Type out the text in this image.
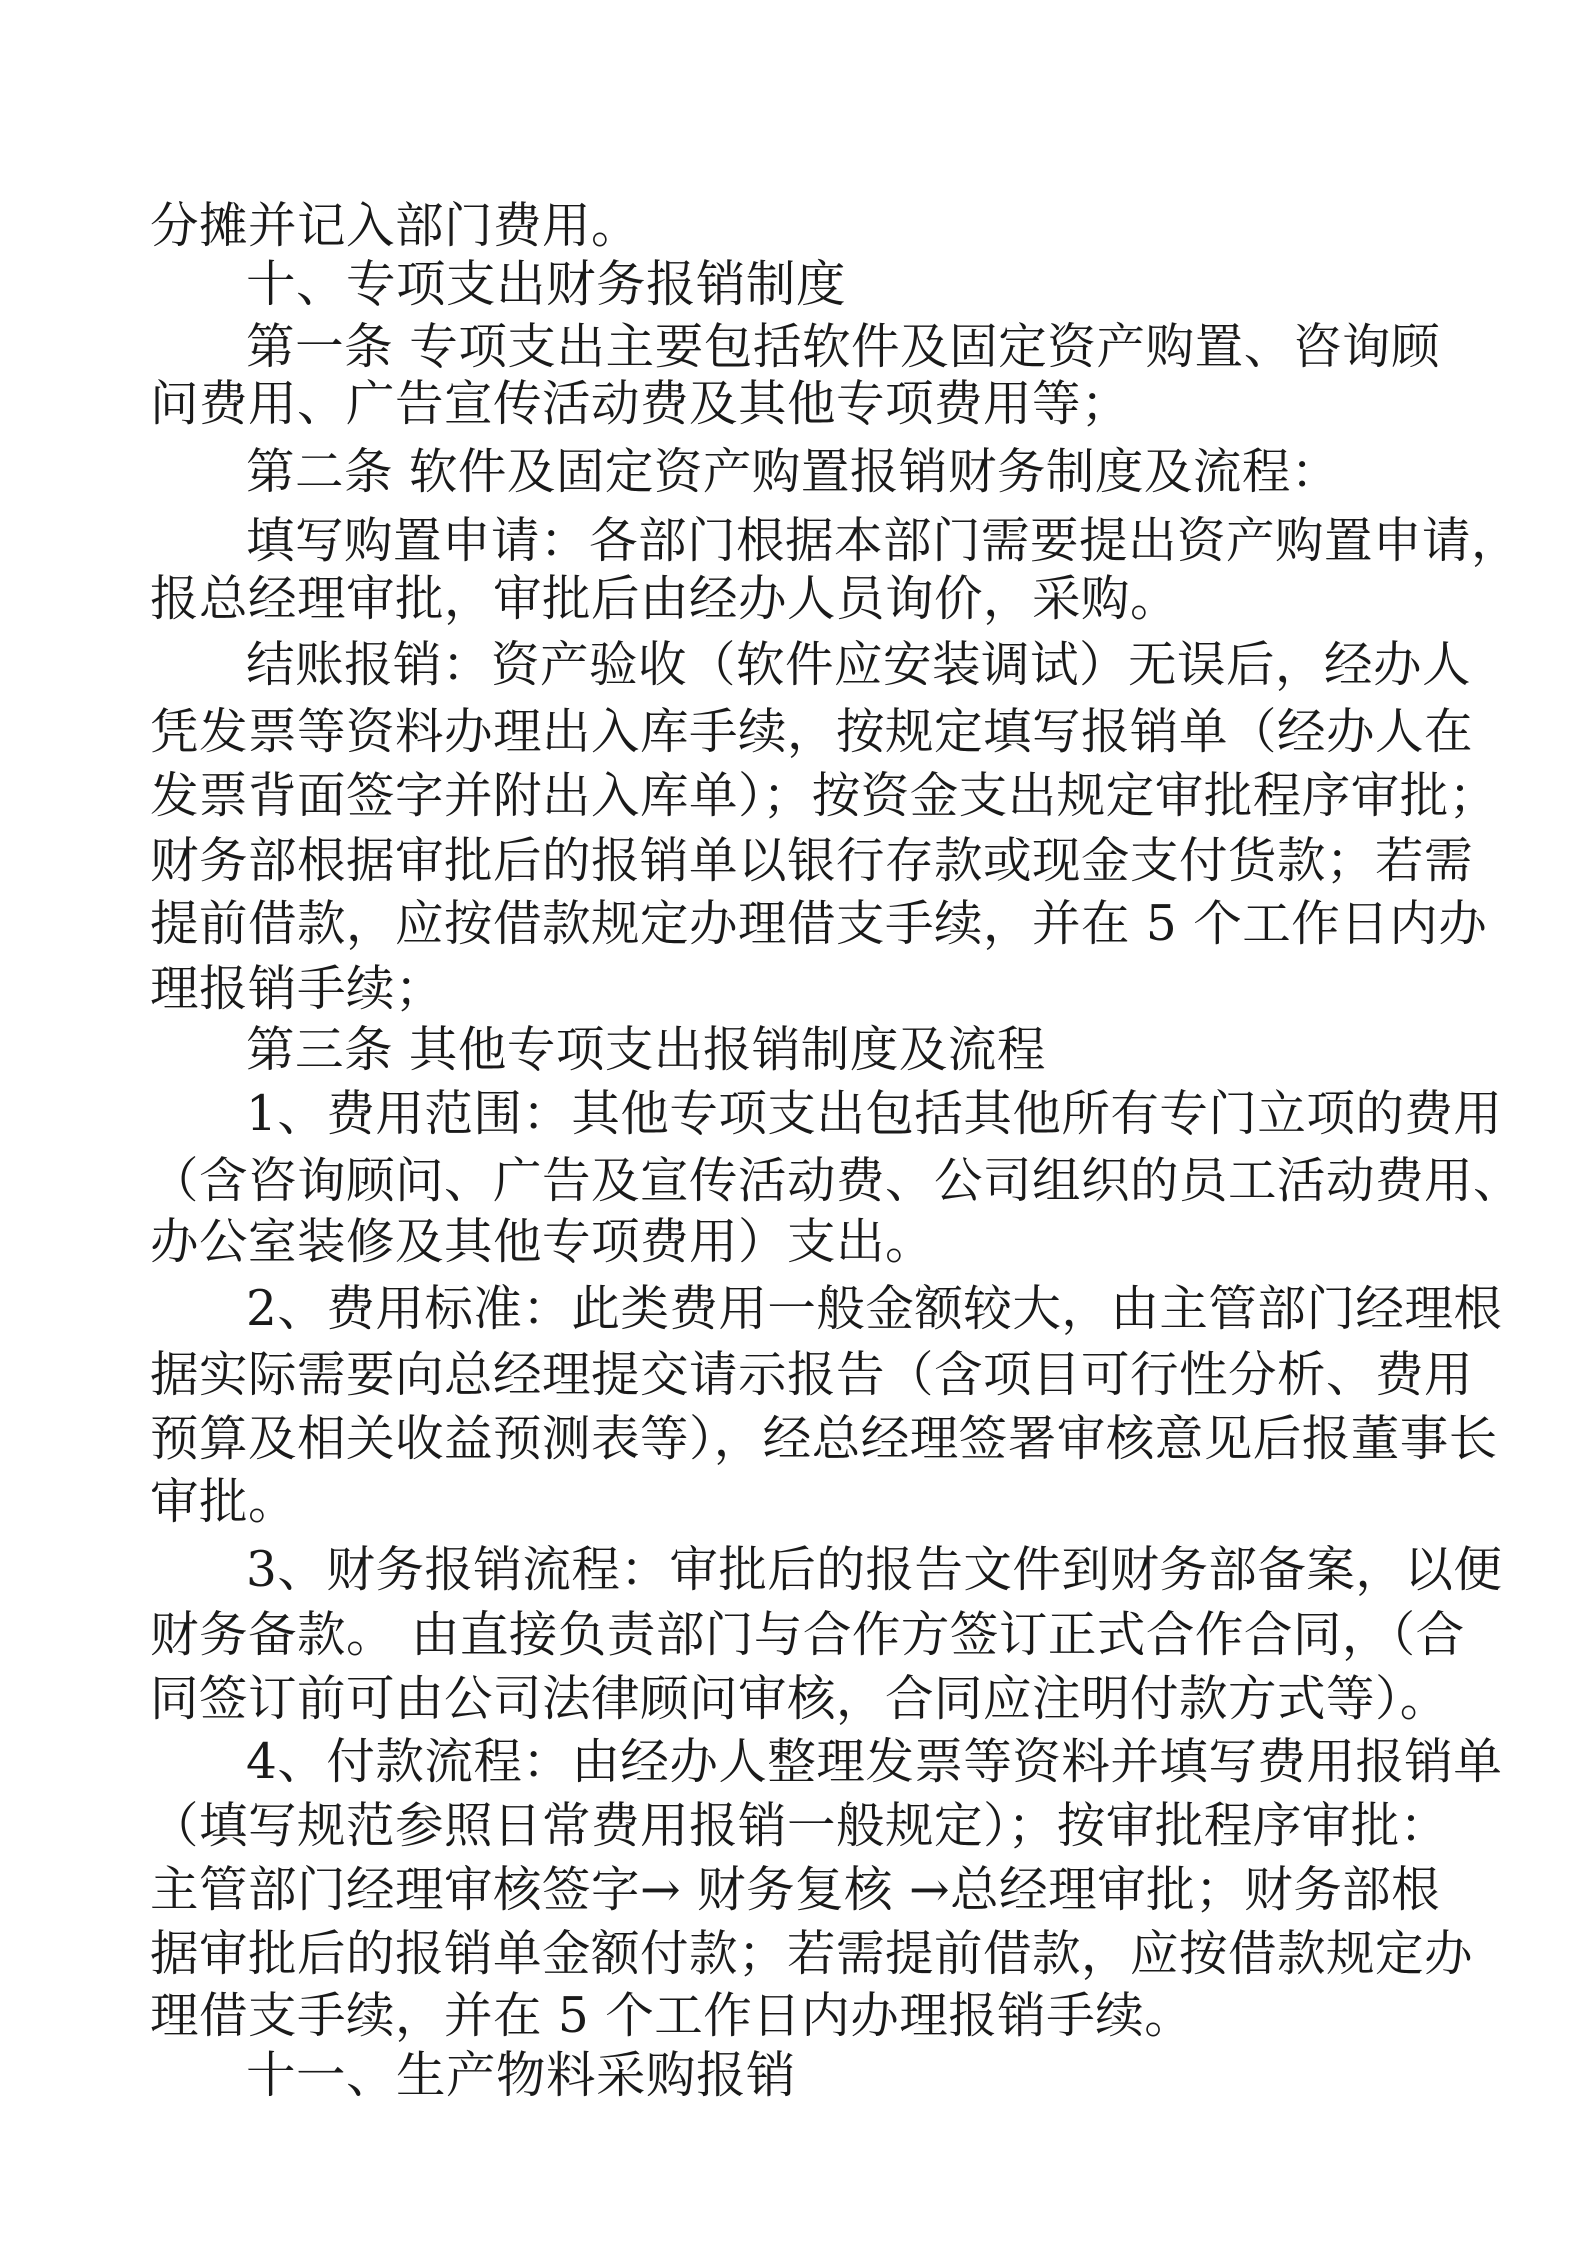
分摊并记入部门费用。
十、专项支出财务报销制度
第一条 专项支出主要包括软件及固定资产购置、咨询顾
问费用、广告宣传活动费及其他专项费用等；
第二条 软件及固定资产购置报销财务制度及流程：
填写购置申请：各部门根据本部门需要提出资产购置申请，
报总经理审批，审批后由经办人员询价，采购。
结账报销：资产验收（软件应安装调试）无误后，经办人
凭发票等资料办理出入库手续，按规定填写报销单（经办人在
发票背面签字并附出入库单）；按资金支出规定审批程序审批；
财务部根据审批后的报销单以银行存款或现金支付货款；若需
提前借款，应按借款规定办理借支手续，并在 5 个工作日内办
理报销手续；
第三条 其他专项支出报销制度及流程
1、费用范围：其他专项支出包括其他所有专门立项的费用
（含咨询顾问、广告及宣传活动费、公司组织的员工活动费用、
办公室装修及其他专项费用）支出。
2、费用标准：此类费用一般金额较大，由主管部门经理根
据实际需要向总经理提交请示报告（含项目可行性分析、费用
预算及相关收益预测表等），经总经理签署审核意见后报董事长
审批。
3、财务报销流程：审批后的报告文件到财务部备案，以便
财务备款。 由直接负责部门与合作方签订正式合作合同，（合
同签订前可由公司法律顾问审核，合同应注明付款方式等）。
4、付款流程：由经办人整理发票等资料并填写费用报销单
（填写规范参照日常费用报销一般规定）；按审批程序审批：
主管部门经理审核签字→ 财务复核 →总经理审批；财务部根
据审批后的报销单金额付款；若需提前借款，应按借款规定办
理借支手续，并在 5 个工作日内办理报销手续。
十一、生产物料采购报销
